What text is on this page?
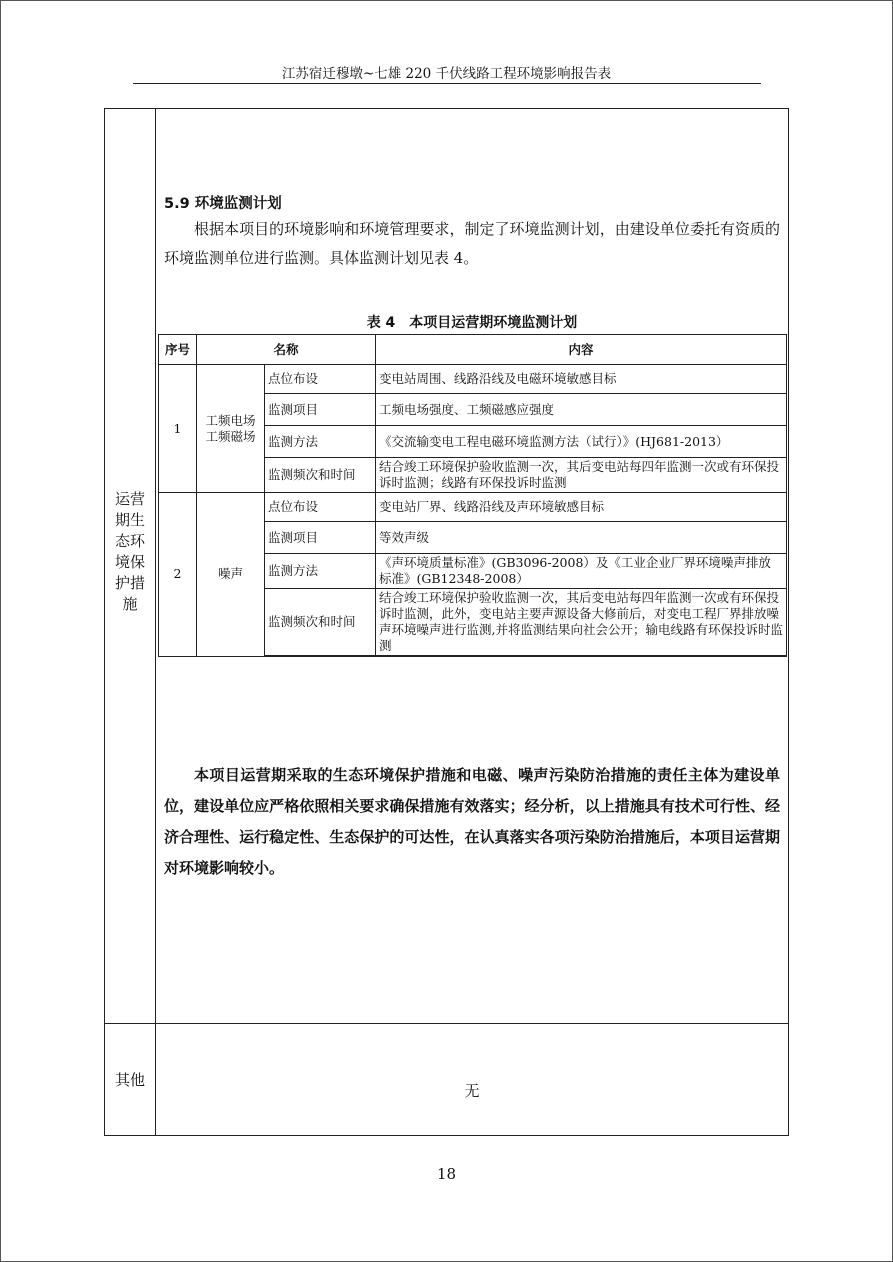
江苏宿迁穆墩~七雄 220 千伏线路工程环境影响报告表
运营
期生
态环
境保
护措
施
其他
5.9 环境监测计划
根据本项目的环境影响和环境管理要求，制定了环境监测计划，由建设单位委托有资质的环境监测单位进行监测。具体监测计划见表 4。
表 4　本项目运营期环境监测计划
序号	名称		内容
1	工频电场工频磁场	点位布设	变电站周围、线路沿线及电磁环境敏感目标
		监测项目	工频电场强度、工频磁感应强度
		监测方法	《交流输变电工程电磁环境监测方法（试行）》(HJ681-2013）
		监测频次和时间	结合竣工环境保护验收监测一次，其后变电站每四年监测一次或有环保投诉时监测；线路有环保投诉时监测
2	噪声	点位布设	变电站厂界、线路沿线及声环境敏感目标
		监测项目	等效声级
		监测方法	《声环境质量标准》(GB3096-2008）及《工业企业厂界环境噪声排放标准》(GB12348-2008）
		监测频次和时间	结合竣工环境保护验收监测一次，其后变电站每四年监测一次或有环保投诉时监测，此外，变电站主要声源设备大修前后，对变电工程厂界排放噪声环境噪声进行监测,并将监测结果向社会公开；输电线路有环保投诉时监测
本项目运营期采取的生态环境保护措施和电磁、噪声污染防治措施的责任主体为建设单位，建设单位应严格依照相关要求确保措施有效落实；经分析，以上措施具有技术可行性、经济合理性、运行稳定性、生态保护的可达性，在认真落实各项污染防治措施后，本项目运营期对环境影响较小。
无
18
